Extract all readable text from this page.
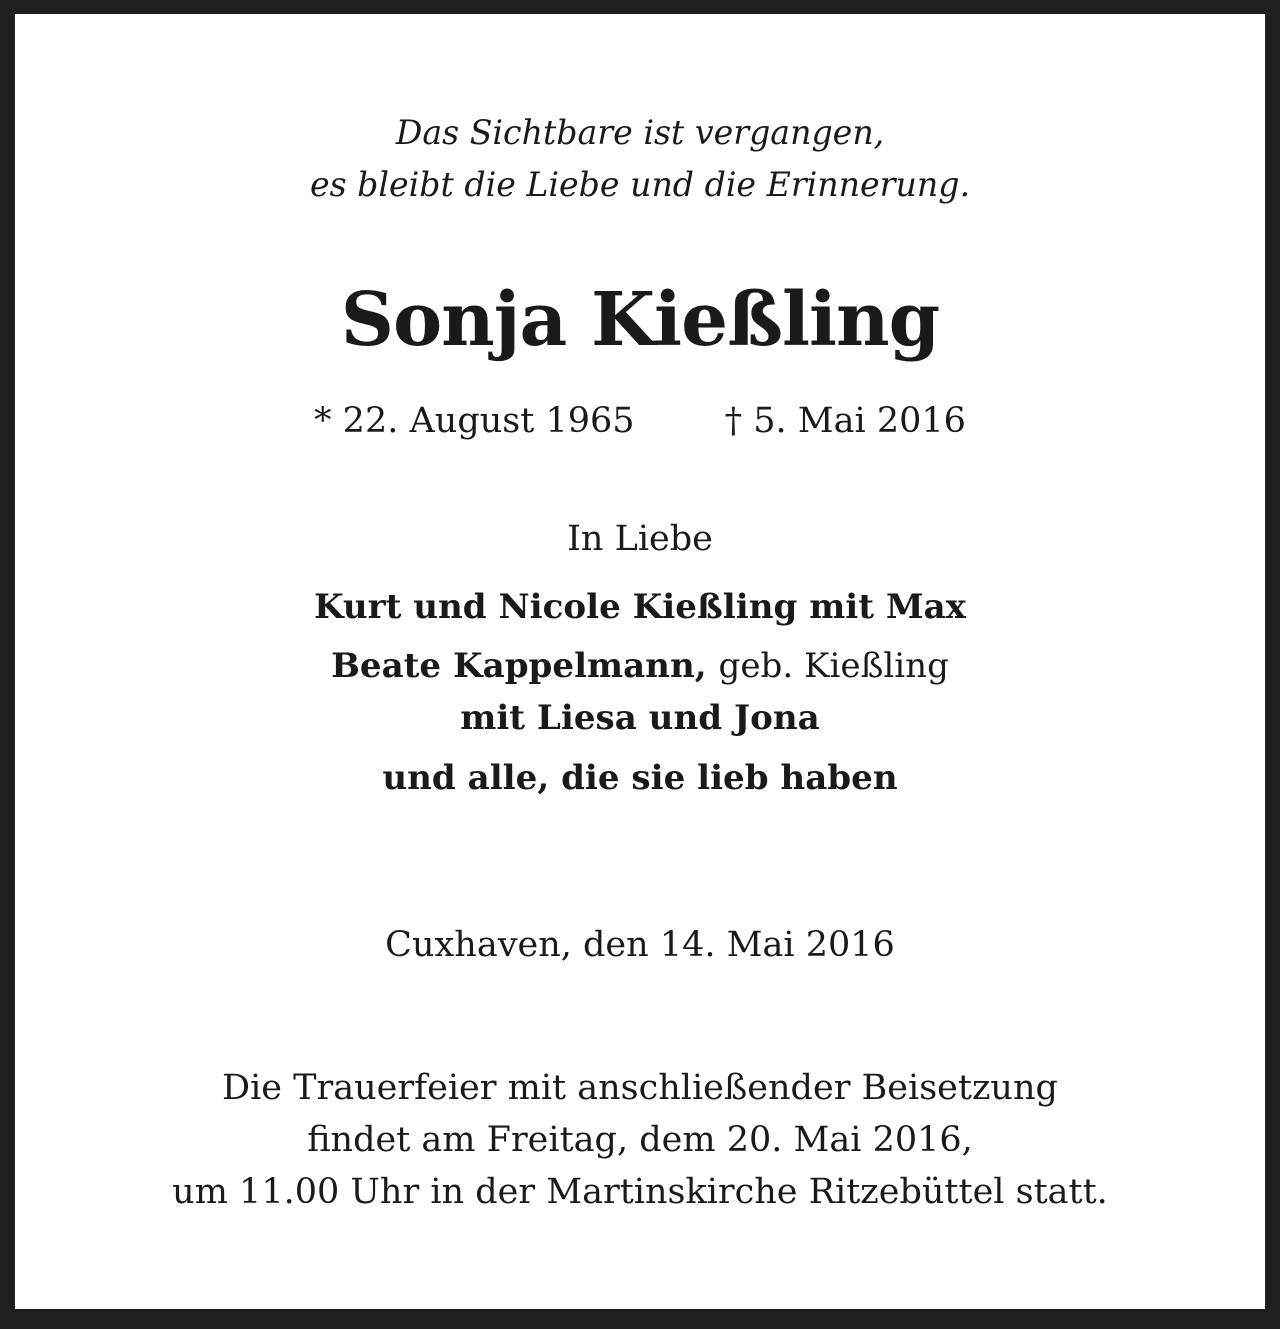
Das Sichtbare ist vergangen,
es bleibt die Liebe und die Erinnerung.
Sonja Kießling
* 22. August 1965	† 5. Mai 2016
In Liebe
Kurt und Nicole Kießling mit Max
Beate Kappelmann, geb. Kießling
mit Liesa und Jona
und alle, die sie lieb haben
Cuxhaven, den 14. Mai 2016
Die Trauerfeier mit anschließender Beisetzung
findet am Freitag, dem 20. Mai 2016,
um 11.00 Uhr in der Martinskirche Ritzebüttel statt.
